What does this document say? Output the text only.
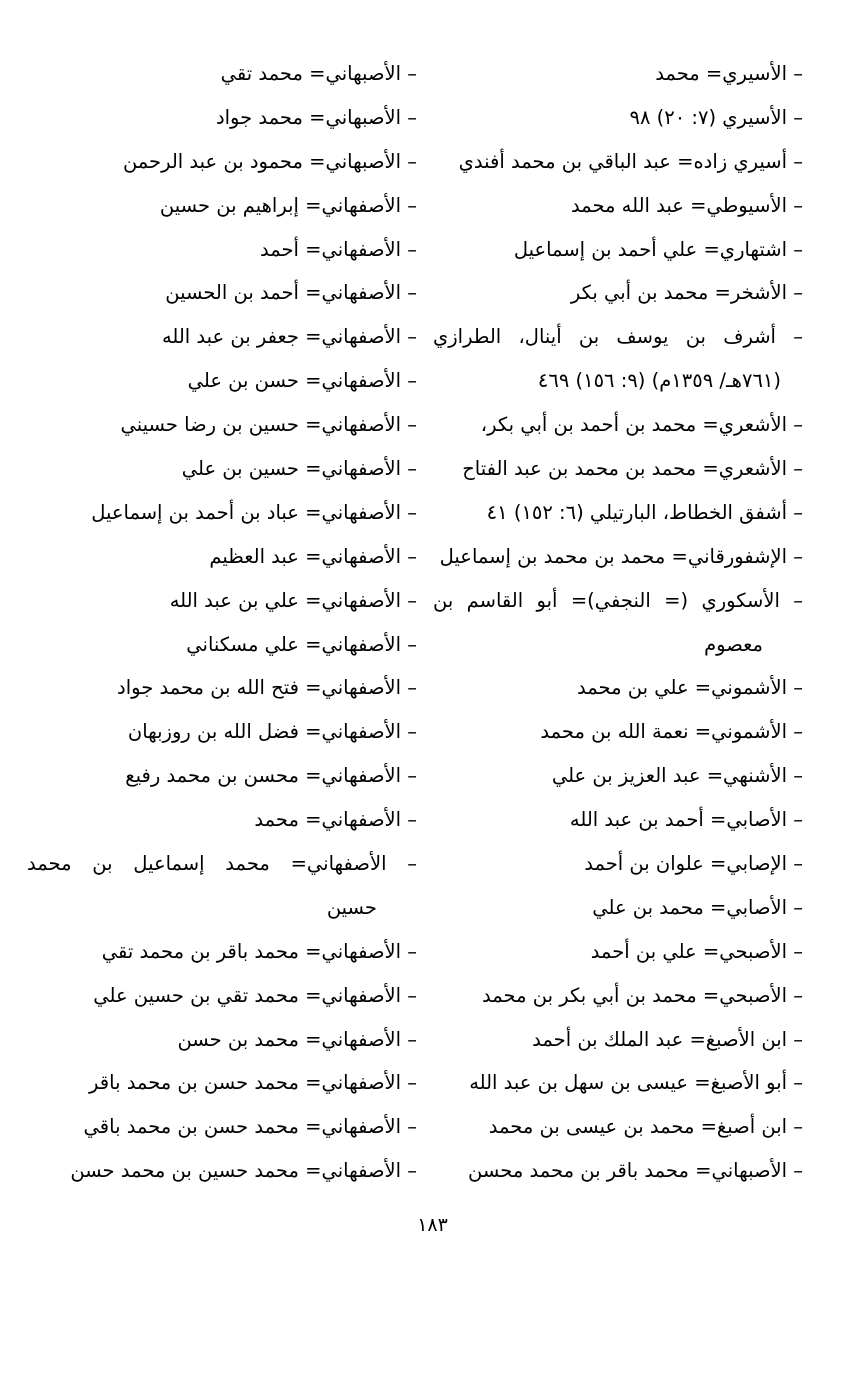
– الأسيري= محمد
– الأسيري (٧: ٢٠) ٩٨
– أسيري زاده= عبد الباقي بن محمد أفندي
– الأسيوطي= عبد الله محمد
– اشتهاري= علي أحمد بن إسماعيل
– الأشخر= محمد بن أبي بكر
– أشرف بن يوسف بن أينال، الطرازي
(٧٦١هـ/ ١٣٥٩م) (٩: ١٥٦) ٤٦٩
– الأشعري= محمد بن أحمد بن أبي بكر،
– الأشعري= محمد بن محمد بن عبد الفتاح
– أشفق الخطاط، البارتيلي (٦: ١٥٢) ٤١
– الإشفورقاني= محمد بن محمد بن إسماعيل
– الأسكوري (= النجفي)= أبو القاسم بن
معصوم
– الأشموني= علي بن محمد
– الأشموني= نعمة الله بن محمد
– الأشنهي= عبد العزيز بن علي
– الأصابي= أحمد بن عبد الله
– الإصابي= علوان بن أحمد
– الأصابي= محمد بن علي
– الأصبحي= علي بن أحمد
– الأصبحي= محمد بن أبي بكر بن محمد
– ابن الأصبغ= عبد الملك بن أحمد
– أبو الأصبغ= عيسى بن سهل بن عبد الله
– ابن أصبغ= محمد بن عيسى بن محمد
– الأصبهاني= محمد باقر بن محمد محسن
– الأصبهاني= محمد تقي
– الأصبهاني= محمد جواد
– الأصبهاني= محمود بن عبد الرحمن
– الأصفهاني= إبراهيم بن حسين
– الأصفهاني= أحمد
– الأصفهاني= أحمد بن الحسين
– الأصفهاني= جعفر بن عبد الله
– الأصفهاني= حسن بن علي
– الأصفهاني= حسين بن رضا حسيني
– الأصفهاني= حسين بن علي
– الأصفهاني= عباد بن أحمد بن إسماعيل
– الأصفهاني= عبد العظيم
– الأصفهاني= علي بن عبد الله
– الأصفهاني= علي مسكناني
– الأصفهاني= فتح الله بن محمد جواد
– الأصفهاني= فضل الله بن روزبهان
– الأصفهاني= محسن بن محمد رفيع
– الأصفهاني= محمد
– الأصفهاني= محمد إسماعيل بن محمد
حسين
– الأصفهاني= محمد باقر بن محمد تقي
– الأصفهاني= محمد تقي بن حسين علي
– الأصفهاني= محمد بن حسن
– الأصفهاني= محمد حسن بن محمد باقر
– الأصفهاني= محمد حسن بن محمد باقي
– الأصفهاني= محمد حسين بن محمد حسن
١٨٣
